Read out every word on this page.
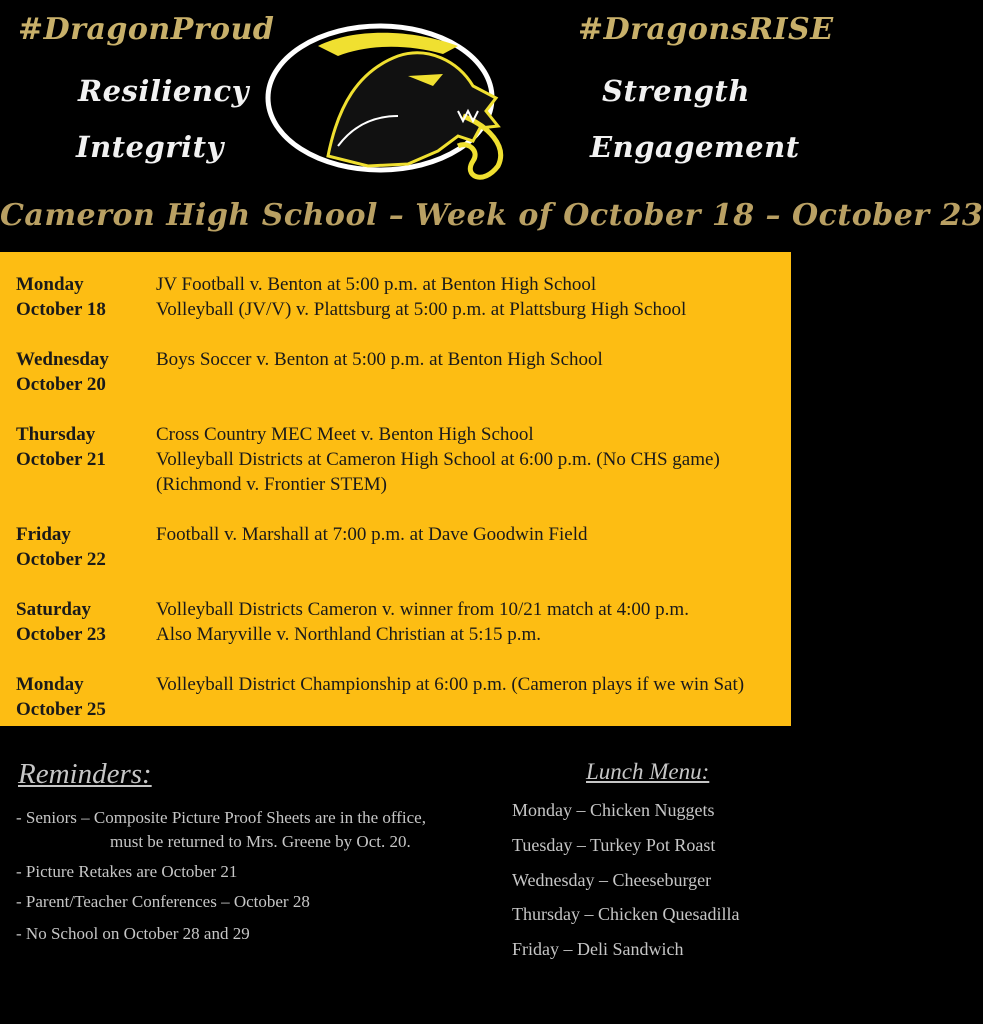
#DragonProud	#DragonsRISE
Resiliency
Integrity
Strength
Engagement
Cameron High School – Week of October 18 – October 23
Monday
October 18
JV Football v. Benton at 5:00 p.m. at Benton High School
Volleyball (JV/V) v. Plattsburg at 5:00 p.m. at Plattsburg High School
Wednesday
October 20
Boys Soccer v. Benton at 5:00 p.m. at Benton High School
Thursday
October 21
Cross Country MEC Meet v. Benton High School
Volleyball Districts at Cameron High School at 6:00 p.m. (No CHS game)
(Richmond v. Frontier STEM)
Friday
October 22
Football v. Marshall at 7:00 p.m. at Dave Goodwin Field
Saturday
October 23
Volleyball Districts Cameron v. winner from 10/21 match at 4:00 p.m.
Also Maryville v. Northland Christian at 5:15 p.m.
Monday
October 25
Volleyball District Championship at 6:00 p.m. (Cameron plays if we win Sat)
Reminders:
- Seniors – Composite Picture Proof Sheets are in the office,
must be returned to Mrs. Greene by Oct. 20.
- Picture Retakes are October 21
- Parent/Teacher Conferences – October 28
- No School on October 28 and 29
Lunch Menu:
Monday – Chicken Nuggets
Tuesday – Turkey Pot Roast
Wednesday – Cheeseburger
Thursday – Chicken Quesadilla
Friday – Deli Sandwich
